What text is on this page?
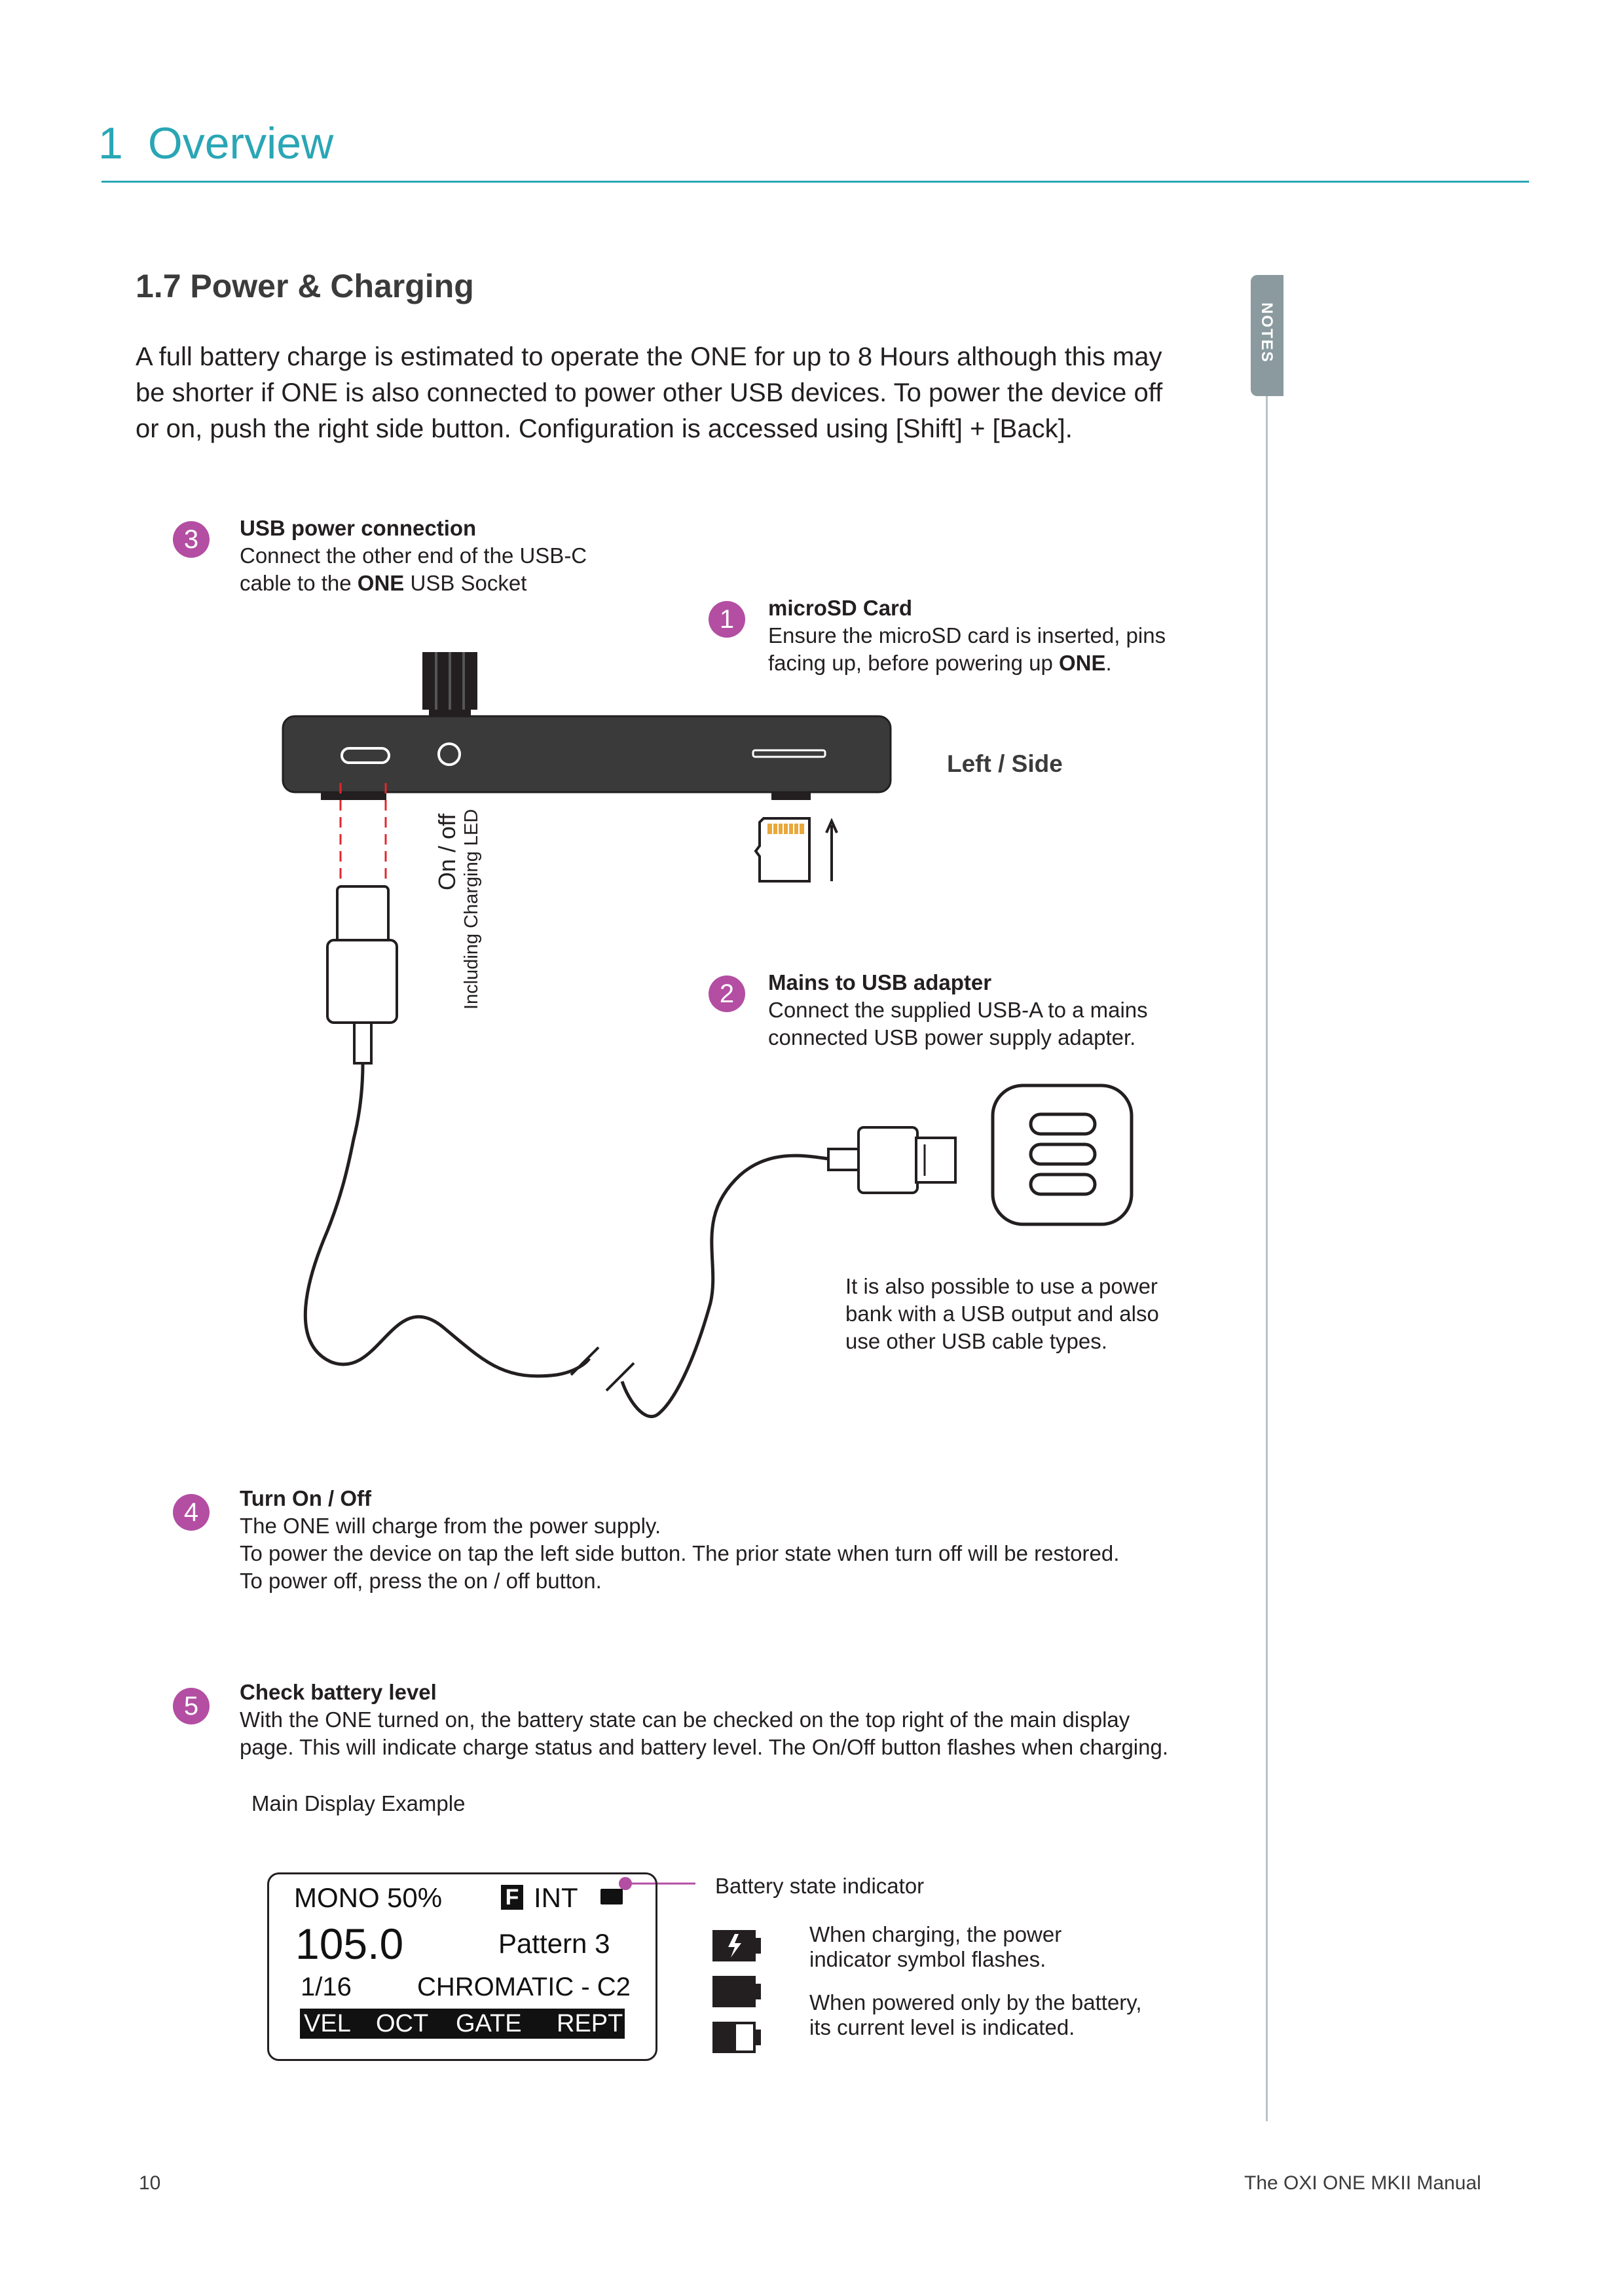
1 Overview
NOTES
1.7 Power & Charging
A full battery charge is estimated to operate the ONE for up to 8 Hours although this may
be shorter if ONE is also connected to power other USB devices. To power the device off
or on, push the right side button. Configuration is accessed using [Shift] + [Back].
3	USB power connection
Connect the other end of the USB-C
cable to the ONE USB Socket
1	microSD Card
Ensure the microSD card is inserted, pins
facing up, before powering up ONE.
Left / Side
On / off Including Charging LED	2	Mains to USB adapter
Connect the supplied USB-A to a mains
connected USB power supply adapter.
It is also possible to use a power
bank with a USB output and also
use other USB cable types.
4	Turn On / Off
The ONE will charge from the power supply.
To power the device on tap the left side button. The prior state when turn off will be restored.
To power off, press the on / off button.
5	Check battery level
With the ONE turned on, the battery state can be checked on the top right of the main display
page. This will indicate charge status and battery level. The On/Off button flashes when charging.
Main Display Example
MONO 50%	F INT
105.0	Pattern 3
1/16	CHROMATIC - C2
VEL OCT GATE REPT
Battery state indicator
When charging, the power
indicator symbol flashes.
When powered only by the battery,
its current level is indicated.
10	The OXI ONE MKII Manual
